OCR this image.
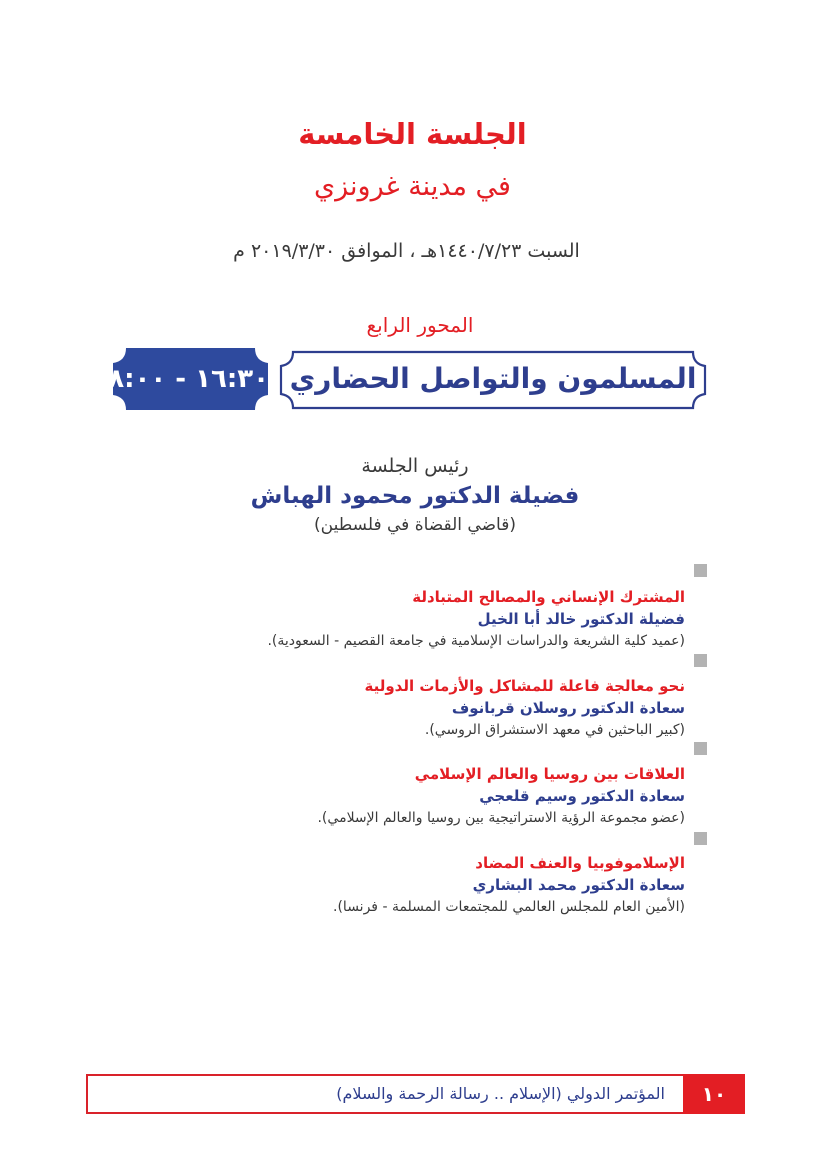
الجلسة الخامسة
في مدينة غرونزي
السبت ١٤٤٠/٧/٢٣هـ ، الموافق ٢٠١٩/٣/٣٠ م
المحور الرابع
المسلمون والتواصل الحضاري
١٦:٣٠ - ١٨:٠٠
رئيس الجلسة
فضيلة الدكتور محمود الهباش
(قاضي القضاة في فلسطين)
المشترك الإنساني والمصالح المتبادلة
فضيلة الدكتور خالد أبا الخيل
(عميد كلية الشريعة والدراسات الإسلامية في جامعة القصيم - السعودية).
نحو معالجة فاعلة للمشاكل والأزمات الدولية
سعادة الدكتور روسلان قربانوف
(كبير الباحثين في معهد الاستشراق الروسي).
العلاقات بين روسيا والعالم الإسلامي
سعادة الدكتور وسيم قلعجي
(عضو مجموعة الرؤية الاستراتيجية بين روسيا والعالم الإسلامي).
الإسلاموفوبيا والعنف المضاد
سعادة الدكتور محمد البشاري
(الأمين العام للمجلس العالمي للمجتمعات المسلمة - فرنسا).
١٠
المؤتمر الدولي (الإسلام .. رسالة الرحمة والسلام)
